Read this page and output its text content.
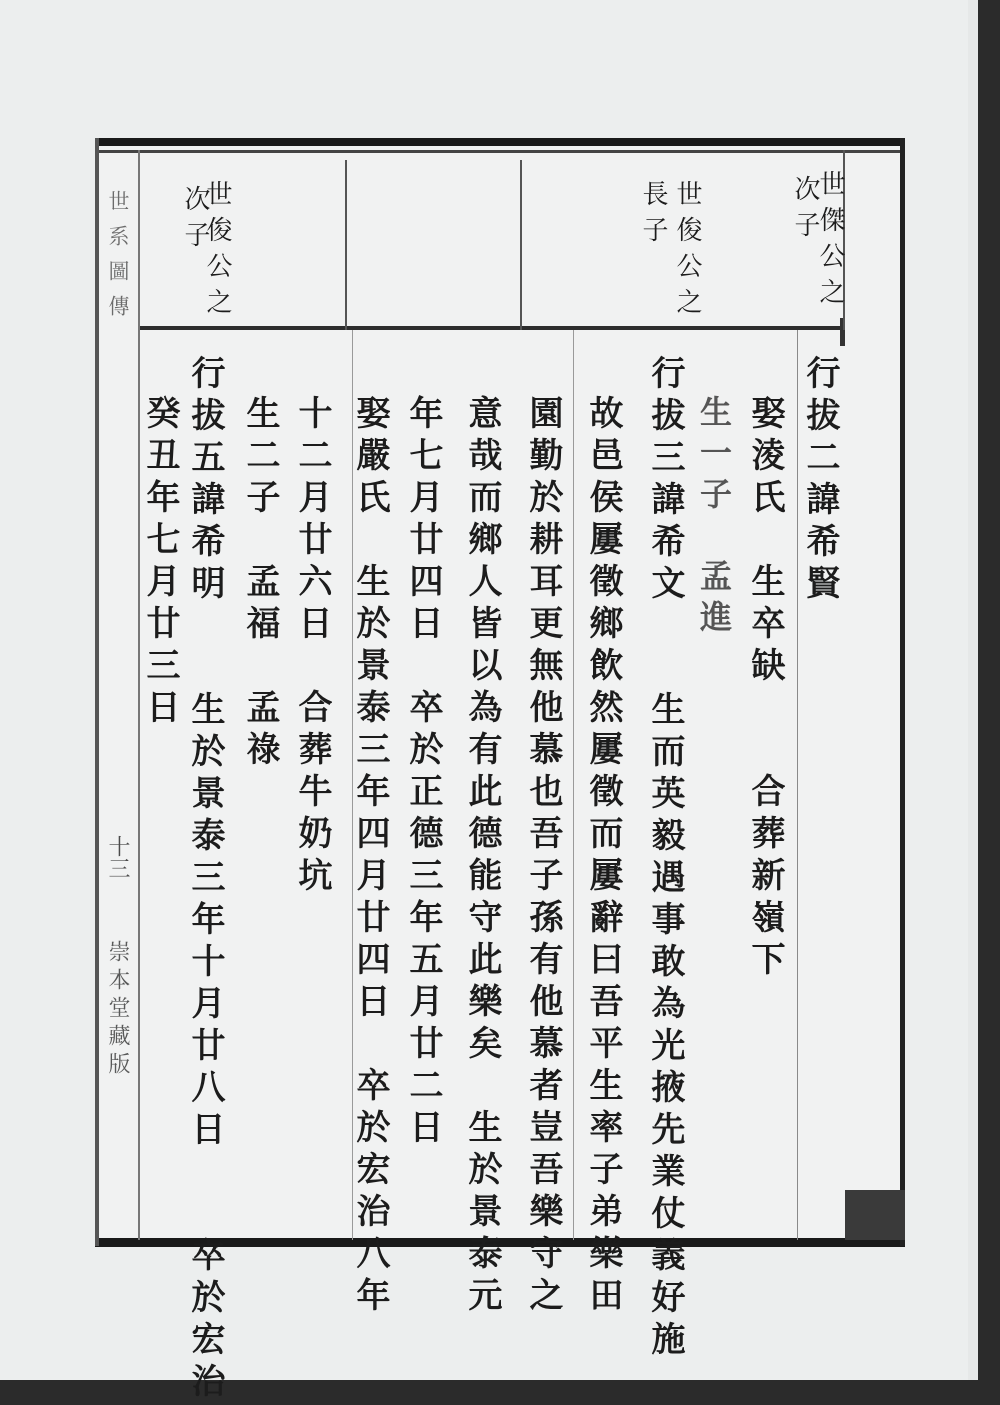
世系圖傳
十三
崇本堂藏版
世傑公之
次子
世俊公之
長子
世俊公之
次子
行拔二諱希賢
娶淩氏　生卒缺　　合葬新嶺下
生一子　孟進
行拔三諱希文　　生而英毅遇事敢為光掖先業仗義好施
故邑侯屢徵鄉飲然屢徵而屢辭曰吾平生率子弟樂田
園勤於耕耳更無他慕也吾子孫有他慕者豈吾樂守之
意哉而鄉人皆以為有此德能守此樂矣　生於景泰元
年七月廿四日　卒於正德三年五月廿二日
娶嚴氏　生於景泰三年四月廿四日　卒於宏治八年
十二月廿六日　合葬牛奶坑
生二子　孟福　孟祿
行拔五諱希明　　生於景泰三年十月廿八日　　卒於宏治
癸丑年七月廿三日
